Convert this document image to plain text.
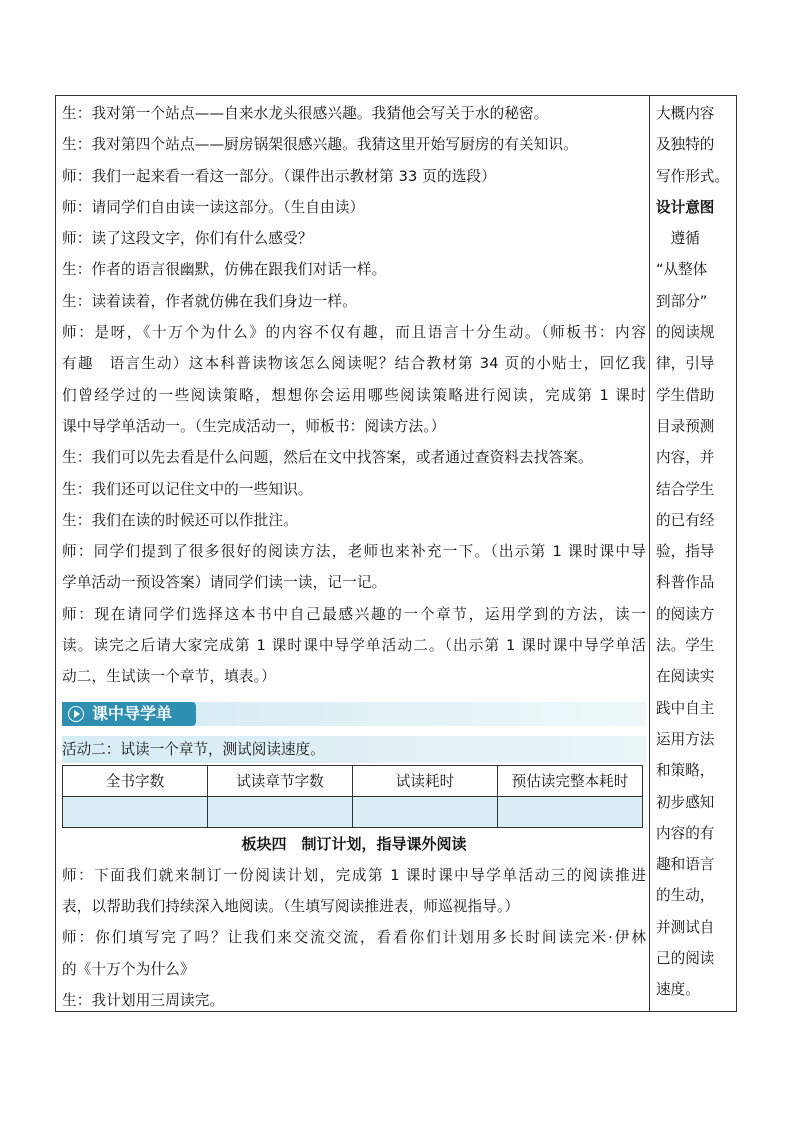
生：我对第一个站点——自来水龙头很感兴趣。我猜他会写关于水的秘密。
生：我对第四个站点——厨房锅架很感兴趣。我猜这里开始写厨房的有关知识。
师：我们一起来看一看这一部分。（课件出示教材第 33 页的选段）
师：请同学们自由读一读这部分。（生自由读）
师：读了这段文字，你们有什么感受？
生：作者的语言很幽默，仿佛在跟我们对话一样。
生：读着读着，作者就仿佛在我们身边一样。
师：是呀，《十万个为什么》的内容不仅有趣，而且语言十分生动。（师板书：内容
有趣　语言生动）这本科普读物该怎么阅读呢？结合教材第 34 页的小贴士，回忆我
们曾经学过的一些阅读策略，想想你会运用哪些阅读策略进行阅读，完成第 1 课时
课中导学单活动一。（生完成活动一，师板书：阅读方法。）
生：我们可以先去看是什么问题，然后在文中找答案，或者通过查资料去找答案。
生：我们还可以记住文中的一些知识。
生：我们在读的时候还可以作批注。
师：同学们提到了很多很好的阅读方法，老师也来补充一下。（出示第 1 课时课中导
学单活动一预设答案）请同学们读一读，记一记。
师：现在请同学们选择这本书中自己最感兴趣的一个章节，运用学到的方法，读一
读。读完之后请大家完成第 1 课时课中导学单活动二。（出示第 1 课时课中导学单活
动二，生试读一个章节，填表。）
课中导学单
活动二：试读一个章节，测试阅读速度。
全书字数	试读章节字数	试读耗时	预估读完整本耗时

板块四　制订计划，指导课外阅读
师：下面我们就来制订一份阅读计划，完成第 1 课时课中导学单活动三的阅读推进
表，以帮助我们持续深入地阅读。（生填写阅读推进表，师巡视指导。）
师：你们填写完了吗？让我们来交流交流，看看你们计划用多长时间读完米·伊林
的《十万个为什么》
生：我计划用三周读完。
大概内容
及独特的
写作形式。
设计意图
　遵循
“从整体
到部分”
的阅读规
律，引导
学生借助
目录预测
内容，并
结合学生
的已有经
验，指导
科普作品
的阅读方
法。学生
在阅读实
践中自主
运用方法
和策略，
初步感知
内容的有
趣和语言
的生动，
并测试自
己的阅读
速度。
